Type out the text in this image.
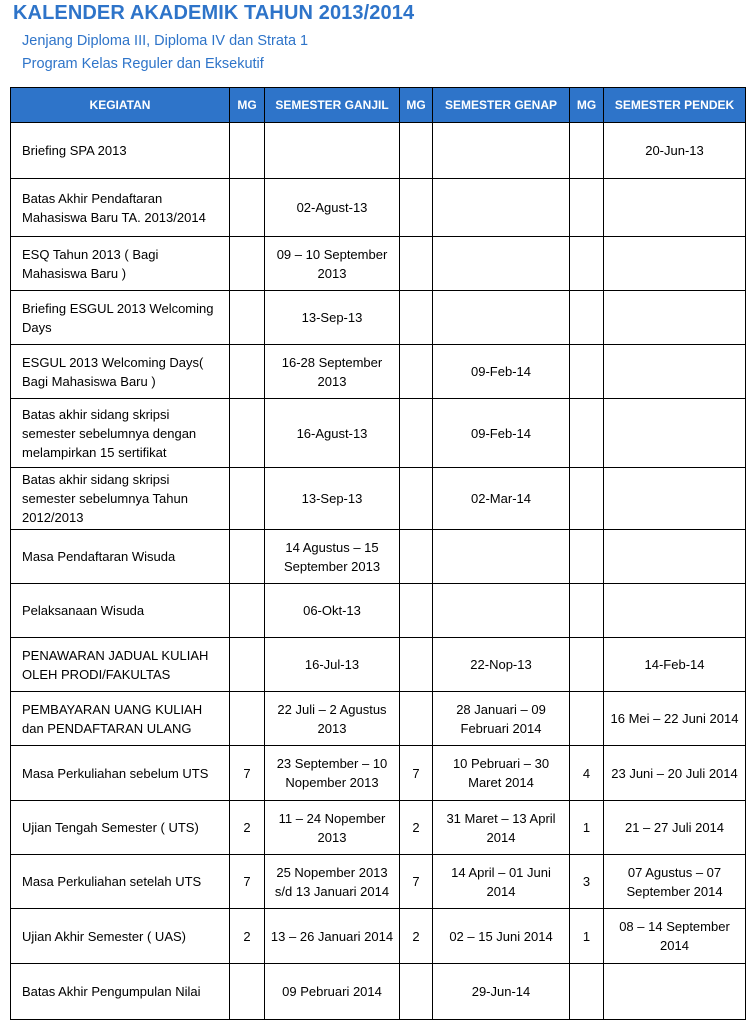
KALENDER AKADEMIK TAHUN 2013/2014

Jenjang Diploma III, Diploma IV dan Strata 1

Program Kelas Reguler dan Eksekutif

KEGIATAN	MG	SEMESTER GANJIL	MG	SEMESTER GENAP	MG	SEMESTER PENDEK
Briefing SPA 2013						20-Jun-13
Batas Akhir Pendaftaran Mahasiswa Baru TA. 2013/2014		02-Agust-13				
ESQ Tahun 2013 ( Bagi Mahasiswa Baru )		09 – 10 September 2013				
Briefing ESGUL 2013 Welcoming Days		13-Sep-13				
ESGUL 2013 Welcoming Days( Bagi Mahasiswa Baru )		16-28 September 2013		09-Feb-14		
Batas akhir sidang skripsi semester sebelumnya dengan melampirkan 15 sertifikat		16-Agust-13		09-Feb-14		
Batas akhir sidang skripsi semester sebelumnya Tahun 2012/2013		13-Sep-13		02-Mar-14		
Masa Pendaftaran Wisuda		14 Agustus – 15 September 2013				
Pelaksanaan Wisuda		06-Okt-13				
PENAWARAN JADUAL KULIAH OLEH PRODI/FAKULTAS		16-Jul-13		22-Nop-13		14-Feb-14
PEMBAYARAN UANG KULIAH dan PENDAFTARAN ULANG		22 Juli – 2 Agustus 2013		28 Januari – 09 Februari 2014		16 Mei – 22 Juni 2014
Masa Perkuliahan sebelum UTS	7	23 September – 10 Nopember 2013	7	10 Pebruari – 30 Maret 2014	4	23 Juni – 20 Juli 2014
Ujian Tengah Semester ( UTS)	2	11 – 24 Nopember 2013	2	31 Maret – 13 April 2014	1	21 – 27 Juli 2014
Masa Perkuliahan setelah UTS	7	25 Nopember 2013 s/d 13 Januari 2014	7	14 April – 01 Juni 2014	3	07 Agustus – 07 September 2014
Ujian Akhir Semester ( UAS)	2	13 – 26 Januari 2014	2	02 – 15 Juni 2014	1	08 – 14 September 2014
Batas Akhir Pengumpulan Nilai		09 Pebruari 2014		29-Jun-14		
